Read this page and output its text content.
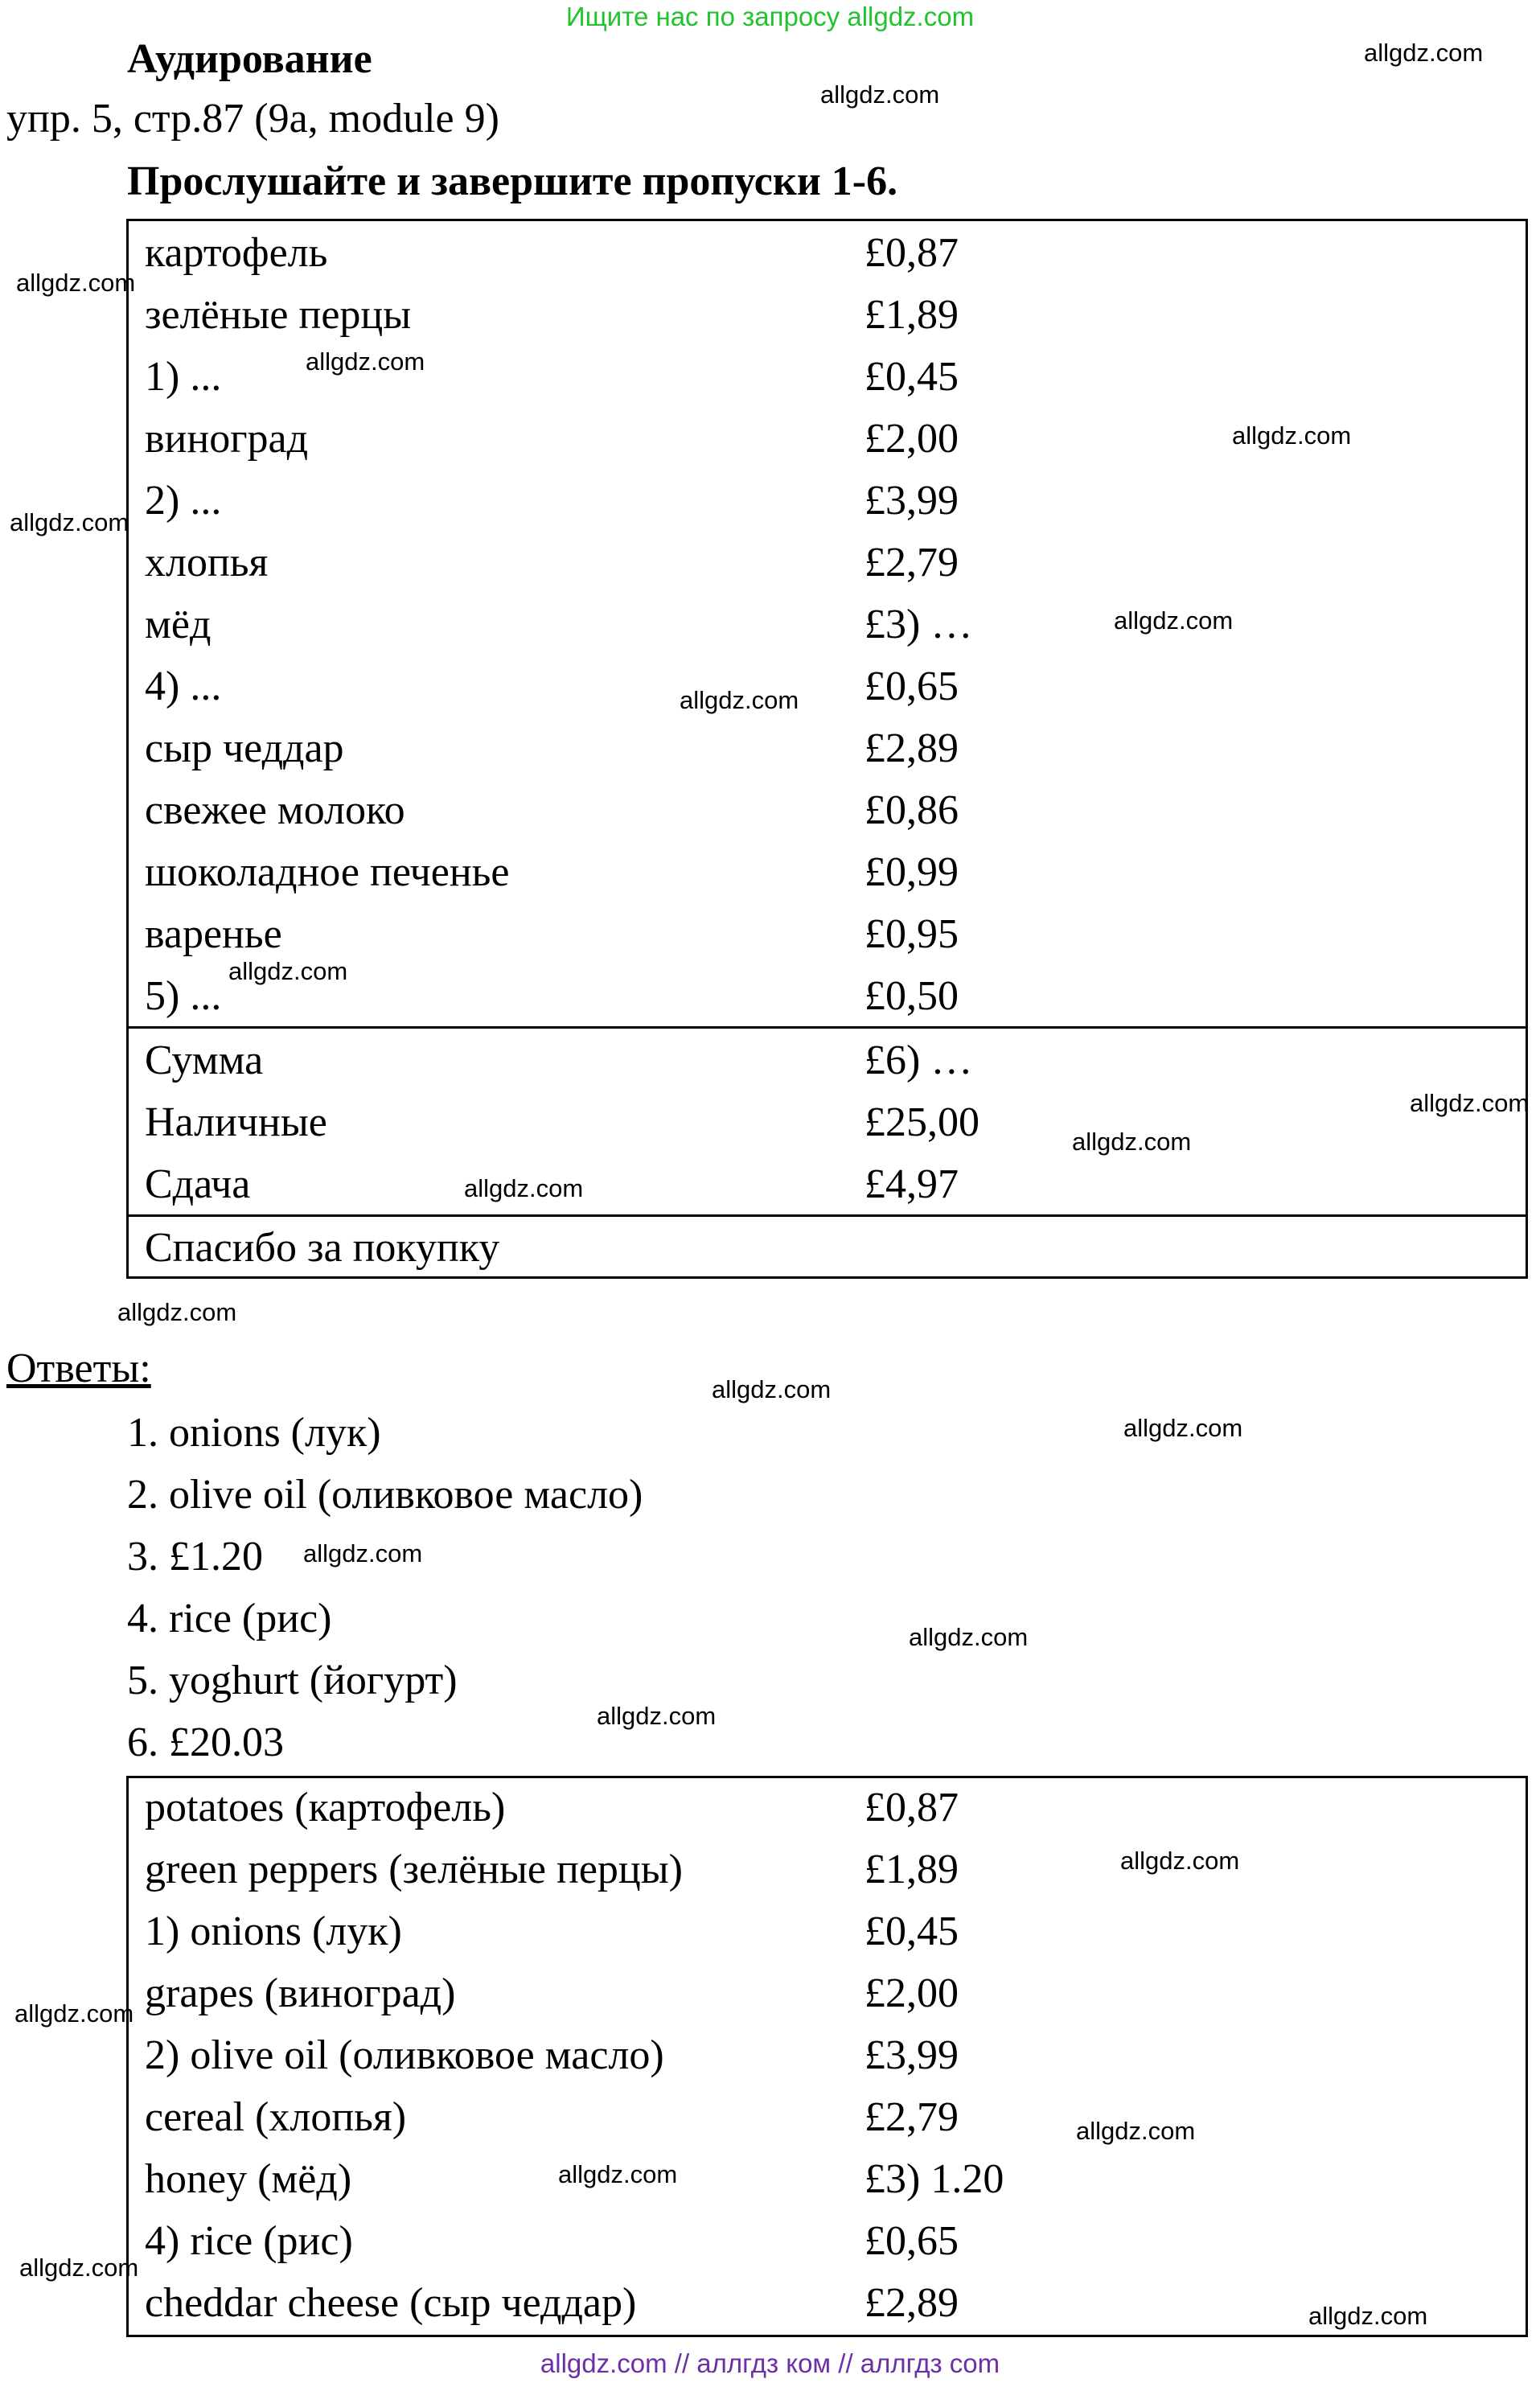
Ищите нас по запросу allgdz.com
Аудирование
упр. 5, стр.87 (9a, module 9)
Прослушайте и завершите пропуски 1-6.
картофель	£0,87
зелёные перцы	£1,89
1) ...	£0,45
виноград	£2,00
2) ...	£3,99
хлопья	£2,79
мёд	£3) …
4) ...	£0,65
сыр чеддар	£2,89
свежее молоко	£0,86
шоколадное печенье	£0,99
варенье	£0,95
5) ...	£0,50
Сумма	£6) …
Наличные	£25,00
Сдача	£4,97
Спасибо за покупку
Ответы:
1. onions (лук)
2. olive oil (оливковое масло)
3. £1.20
4. rice (рис)
5. yoghurt (йогурт)
6. £20.03
potatoes (картофель)	£0,87
green peppers (зелёные перцы)	£1,89
1) onions (лук)	£0,45
grapes (виноград)	£2,00
2) olive oil (оливковое масло)	£3,99
cereal (хлопья)	£2,79
honey (мёд)	£3) 1.20
4) rice (рис)	£0,65
cheddar cheese (сыр чеддар)	£2,89
allgdz.com
allgdz.com
allgdz.com
allgdz.com
allgdz.com
allgdz.com
allgdz.com
allgdz.com
allgdz.com
allgdz.com
allgdz.com
allgdz.com
allgdz.com
allgdz.com
allgdz.com
allgdz.com
allgdz.com
allgdz.com
allgdz.com
allgdz.com
allgdz.com
allgdz.com
allgdz.com
allgdz.com
allgdz.com // аллгдз ком // аллгдз com
